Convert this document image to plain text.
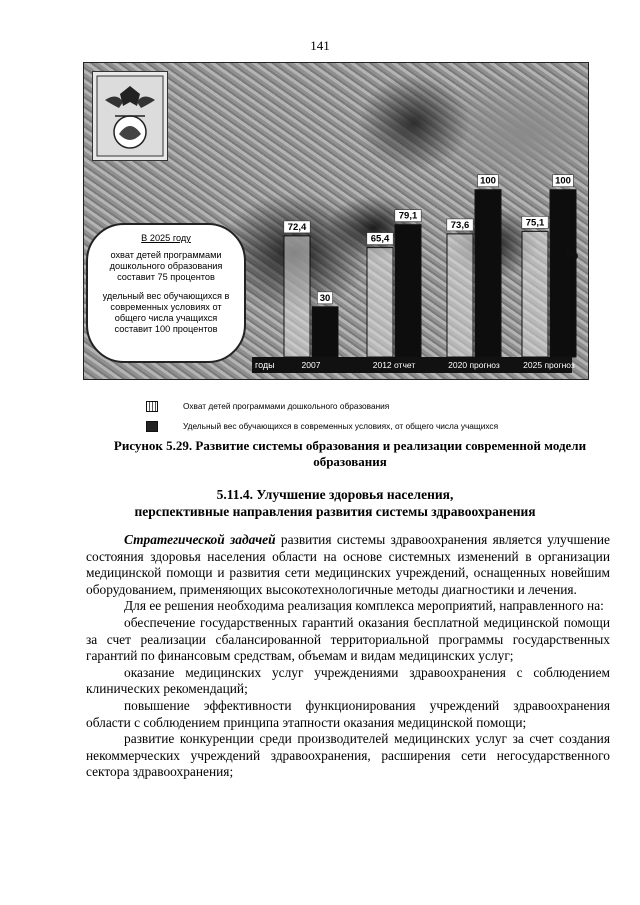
141
72,4
30
65,4
79,1
73,6
100
75,1
100
годы	2007	2012 отчет	2020 прогноз	2025 прогноз
%
В 2025 году
охват детей программами дошкольного образования составит 75 процентов
удельный вес обучающихся в современных условиях от общего числа учащихся составит 100 процентов
Охват детей программами дошкольного образования
Удельный вес обучающихся в современных условиях, от общего числа учащихся
Рисунок 5.29. Развитие системы образования и реализации современной модели образования
5.11.4. Улучшение здоровья населения,
перспективные направления развития системы здравоохранения

Стратегической задачей развития системы здравоохранения является улучшение состояния здоровья населения области на основе системных изменений в организации медицинской помощи и развития сети медицинских учреждений, оснащенных новейшим оборудованием, применяющих высокотехнологичные методы диагностики и лечения.

Для ее решения необходима реализация комплекса мероприятий, направленного на:

обеспечение государственных гарантий оказания бесплатной медицинской помощи за счет реализации сбалансированной территориальной программы государственных гарантий по финансовым средствам, объемам и видам медицинских услуг;

оказание медицинских услуг учреждениями здравоохранения с соблюдением клинических рекомендаций;

повышение эффективности функционирования учреждений здравоохранения области с соблюдением принципа этапности оказания медицинской помощи;

развитие конкуренции среди производителей медицинских услуг за счет создания некоммерческих учреждений здравоохранения, расширения сети негосударственного сектора здравоохранения;
